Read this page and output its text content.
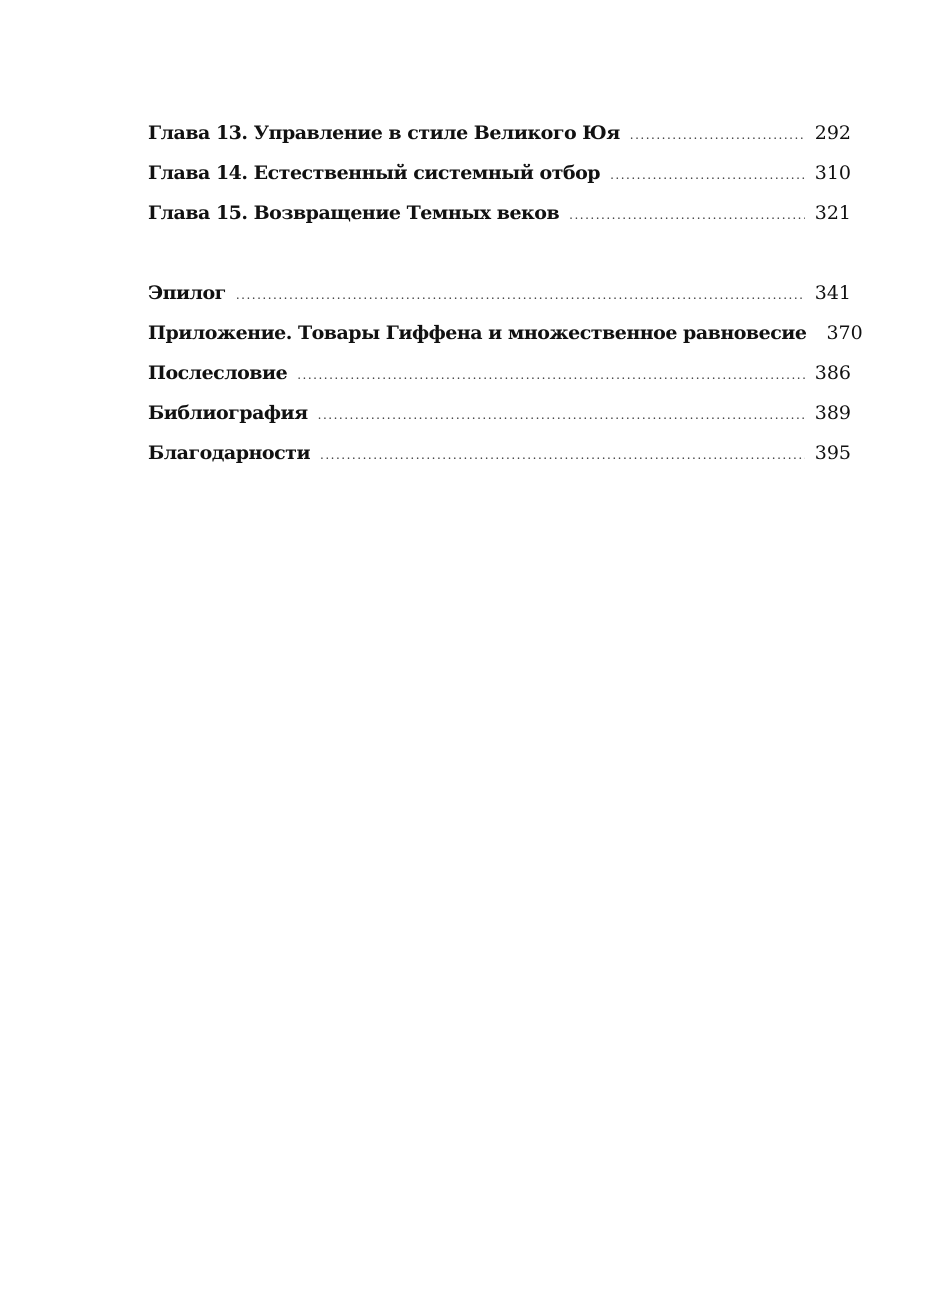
Глава 13. Управление в стиле Великого Юя .....	292
Глава 14. Естественный системный отбор .....	310
Глава 15. Возвращение Темных веков .....	321
Эпилог .....	341
Приложение. Товары Гиффена и множественное равновесие 370
Послесловие .....	386
Библиография .....	389
Благодарности .....	395
